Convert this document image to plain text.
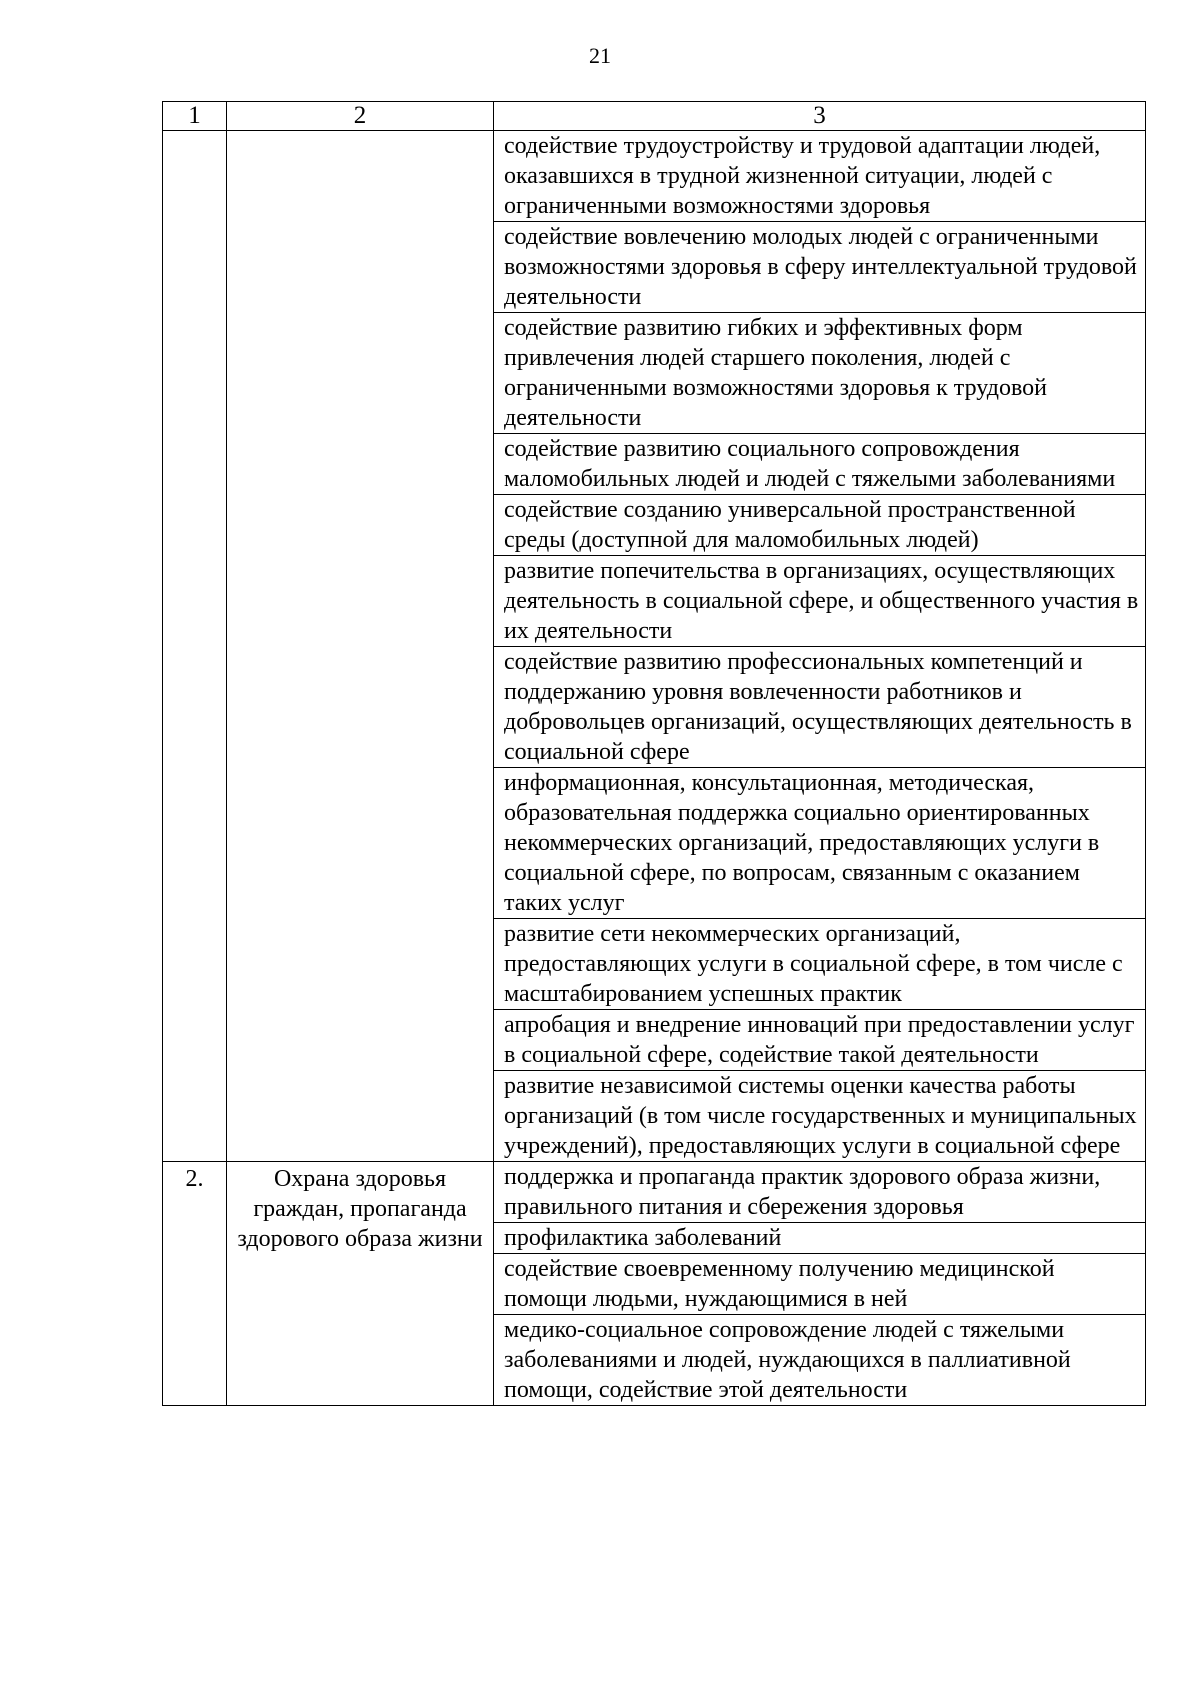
21
1	2	3
		содействие трудоустройству и трудовой адаптации людей, оказавшихся в трудной жизненной ситуации, людей с ограниченными возможностями здоровья
		содействие вовлечению молодых людей с ограниченными возможностями здоровья в сферу интеллектуальной трудовой деятельности
		содействие развитию гибких и эффективных форм привлечения людей старшего поколения, людей с ограниченными возможностями здоровья к трудовой деятельности
		содействие развитию социального сопровождения маломобильных людей и людей с тяжелыми заболеваниями
		содействие созданию универсальной пространственной среды (доступной для маломобильных людей)
		развитие попечительства в организациях, осуществляющих деятельность в социальной сфере, и общественного участия в их деятельности
		содействие развитию профессиональных компетенций и поддержанию уровня вовлеченности работников и добровольцев организаций, осуществляющих деятельность в социальной сфере
		информационная, консультационная, методическая, образовательная поддержка социально ориентированных некоммерческих организаций, предоставляющих услуги в социальной сфере, по вопросам, связанным с оказанием таких услуг
		развитие сети некоммерческих организаций, предоставляющих услуги в социальной сфере, в том числе с масштабированием успешных практик
		апробация и внедрение инноваций при предоставлении услуг в социальной сфере, содействие такой деятельности
		развитие независимой системы оценки качества работы организаций (в том числе государственных и муниципальных учреждений), предоставляющих услуги в социальной сфере
2.	Охрана здоровья граждан, пропаганда здорового образа жизни	поддержка и пропаганда практик здорового образа жизни, правильного питания и сбережения здоровья
		профилактика заболеваний
		содействие своевременному получению медицинской помощи людьми, нуждающимися в ней
		медико-социальное сопровождение людей с тяжелыми заболеваниями и людей, нуждающихся в паллиативной помощи, содействие этой деятельности
